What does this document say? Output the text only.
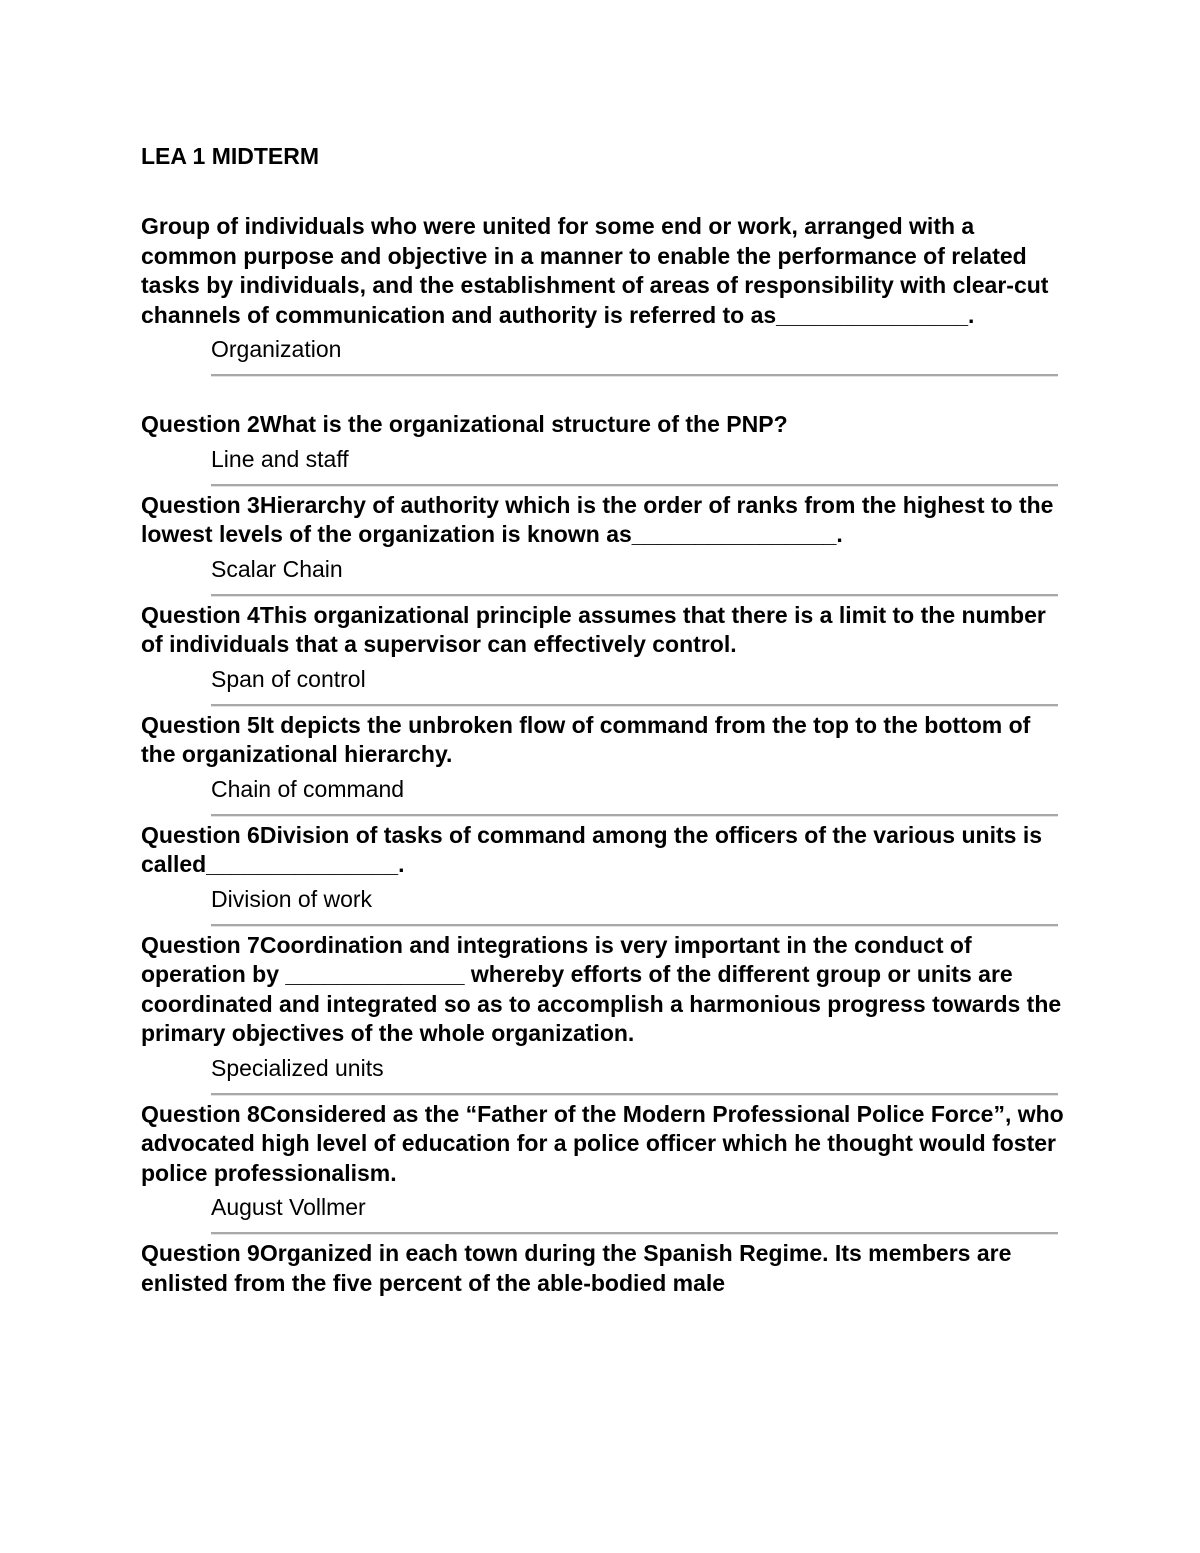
LEA 1 MIDTERM

Group of individuals who were united for some end or work, arranged with a common purpose and objective in a manner to enable the performance of related tasks by individuals, and the establishment of areas of responsibility with clear-cut channels of communication and authority is referred to as_______________.

Organization

Question 2What is the organizational structure of the PNP?

Line and staff

Question 3Hierarchy of authority which is the order of ranks from the highest to the lowest levels of the organization is known as________________.

Scalar Chain

Question 4This organizational principle assumes that there is a limit to the number of individuals that a supervisor can effectively control.

Span of control

Question 5It depicts the unbroken flow of command from the top to the bottom of the organizational hierarchy.

Chain of command

Question 6Division of tasks of command among the officers of the various units is called_______________.

Division of work

Question 7Coordination and integrations is very important in the conduct of operation by ______________ whereby efforts of the different group or units are coordinated and integrated so as to accomplish a harmonious progress towards the primary objectives of the whole organization.

Specialized units

Question 8Considered as the “Father of the Modern Professional Police Force”, who advocated high level of education for a police officer which he thought would foster police professionalism.

August Vollmer

Question 9Organized in each town during the Spanish Regime. Its members are enlisted from the five percent of the able-bodied male
